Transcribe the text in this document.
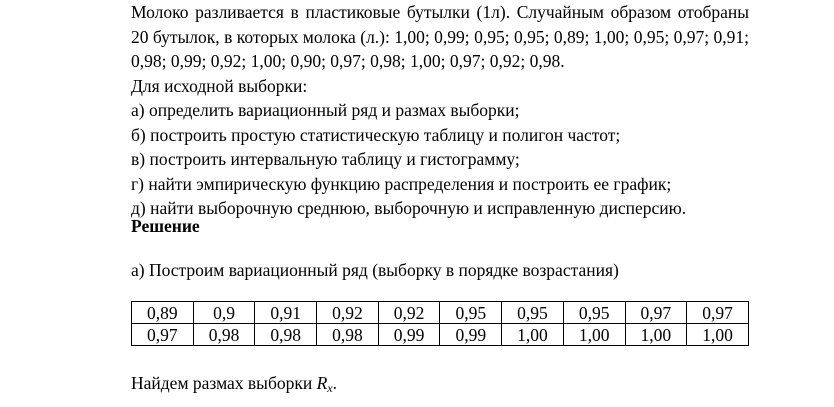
Молоко разливается в пластиковые бутылки (1л). Случайным образом отобраны 20 бутылок, в которых молока (л.): 1,00; 0,99; 0,95; 0,95; 0,89; 1,00; 0,95; 0,97; 0,91; 0,98; 0,99; 0,92; 1,00; 0,90; 0,97; 0,98; 1,00; 0,97; 0,92; 0,98.
Для исходной выборки:
а) определить вариационный ряд и размах выборки;
б) построить простую статистическую таблицу и полигон частот;
в) построить интервальную таблицу и гистограмму;
г) найти эмпирическую функцию распределения и построить ее график;
д) найти выборочную среднюю, выборочную и исправленную дисперсию.

Решение

а) Построим вариационный ряд (выборку в порядке возрастания)

0,89	0,9	0,91	0,92	0,92	0,95	0,95	0,95	0,97	0,97
0,97	0,98	0,98	0,98	0,99	0,99	1,00	1,00	1,00	1,00

Найдем размах выборки Rx.
